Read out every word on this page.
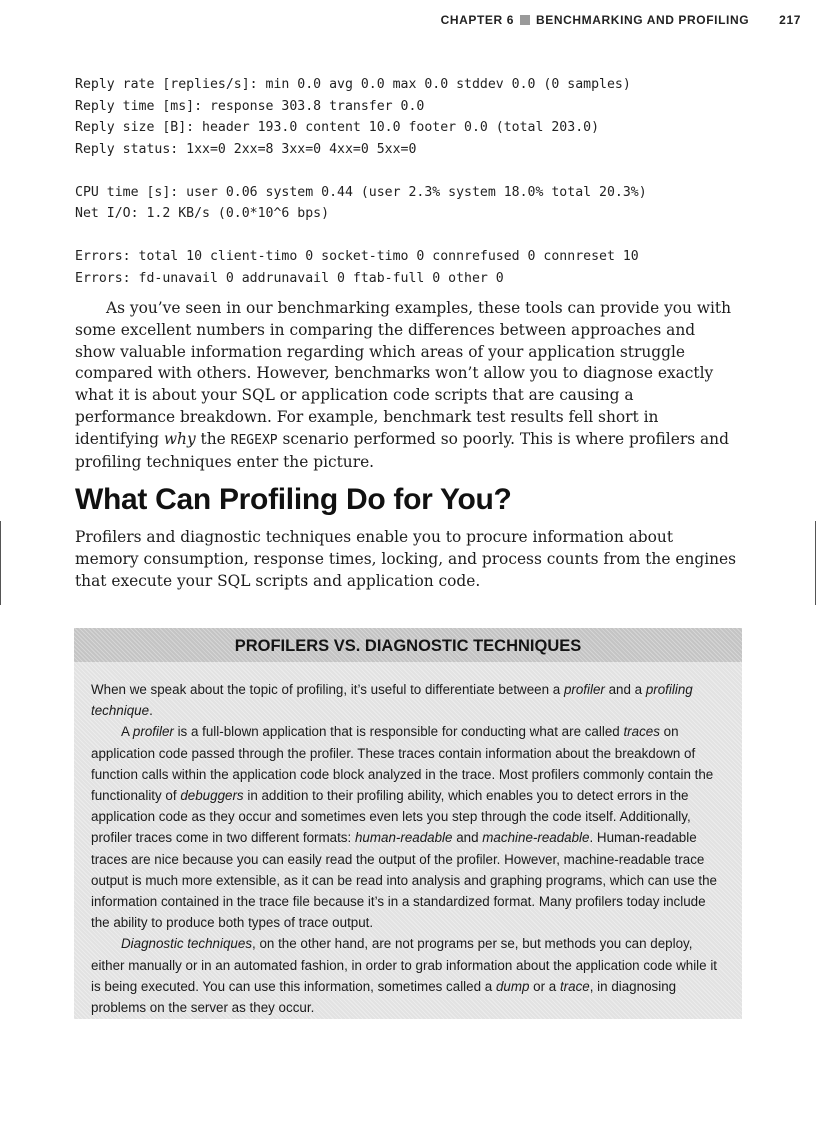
CHAPTER 6 BENCHMARKING AND PROFILING	217
Reply rate [replies/s]: min 0.0 avg 0.0 max 0.0 stddev 0.0 (0 samples)
Reply time [ms]: response 303.8 transfer 0.0
Reply size [B]: header 193.0 content 10.0 footer 0.0 (total 203.0)
Reply status: 1xx=0 2xx=8 3xx=0 4xx=0 5xx=0

CPU time [s]: user 0.06 system 0.44 (user 2.3% system 18.0% total 20.3%)
Net I/O: 1.2 KB/s (0.0*10^6 bps)

Errors: total 10 client-timo 0 socket-timo 0 connrefused 0 connreset 10
Errors: fd-unavail 0 addrunavail 0 ftab-full 0 other 0

As you’ve seen in our benchmarking examples, these tools can provide you with some excellent numbers in comparing the differences between approaches and show valuable information regarding which areas of your application struggle compared with others. However, benchmarks won’t allow you to diagnose exactly what it is about your SQL or application code scripts that are causing a performance breakdown. For example, benchmark test results fell short in identifying why the REGEXP scenario performed so poorly. This is where profilers and profiling techniques enter the picture.

What Can Profiling Do for You?

Profilers and diagnostic techniques enable you to procure information about memory consumption, response times, locking, and process counts from the engines that execute your SQL scripts and application code.

PROFILERS VS. DIAGNOSTIC TECHNIQUES

When we speak about the topic of profiling, it’s useful to differentiate between a profiler and a profiling technique.

A profiler is a full-blown application that is responsible for conducting what are called traces on application code passed through the profiler. These traces contain information about the breakdown of function calls within the application code block analyzed in the trace. Most profilers commonly contain the functionality of debuggers in addition to their profiling ability, which enables you to detect errors in the application code as they occur and sometimes even lets you step through the code itself. Additionally, profiler traces come in two different formats: human-readable and machine-readable. Human-readable traces are nice because you can easily read the output of the profiler. However, machine-readable trace output is much more extensible, as it can be read into analysis and graphing programs, which can use the information contained in the trace file because it’s in a standardized format. Many profilers today include the ability to produce both types of trace output.

Diagnostic techniques, on the other hand, are not programs per se, but methods you can deploy, either manually or in an automated fashion, in order to grab information about the application code while it is being executed. You can use this information, sometimes called a dump or a trace, in diagnosing problems on the server as they occur.
